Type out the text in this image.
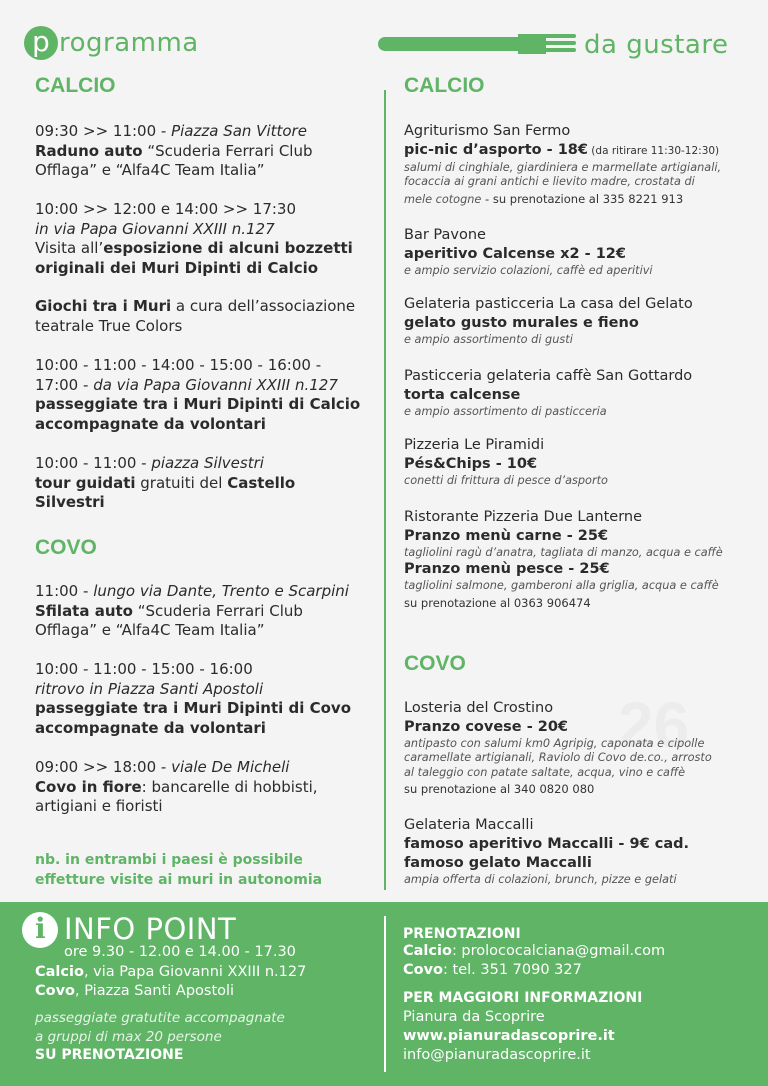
p rogramma	da gustare
CALCIO

09:30 >> 11:00 - Piazza San Vittore

Raduno auto “Scuderia Ferrari Club

Offlaga” e “Alfa4C Team Italia”

10:00 >> 12:00 e 14:00 >> 17:30

in via Papa Giovanni XXIII n.127

Visita all’esposizione di alcuni bozzetti

originali dei Muri Dipinti di Calcio

Giochi tra i Muri a cura dell’associazione

teatrale True Colors

10:00 - 11:00 - 14:00 - 15:00 - 16:00 -

17:00 - da via Papa Giovanni XXIII n.127

passeggiate tra i Muri Dipinti di Calcio

accompagnate da volontari

10:00 - 11:00 - piazza Silvestri

tour guidati gratuiti del Castello Silvestri

COVO

11:00 - lungo via Dante, Trento e Scarpini

Sfilata auto “Scuderia Ferrari Club

Offlaga” e “Alfa4C Team Italia”

10:00 - 11:00 - 15:00 - 16:00

ritrovo in Piazza Santi Apostoli

passeggiate tra i Muri Dipinti di Covo

accompagnate da volontari

09:00 >> 18:00 - viale De Micheli

Covo in fiore: bancarelle di hobbisti,

artigiani e fioristi

nb. in entrambi i paesi è possibile

effetture visite ai muri in autonomia

CALCIO

Agriturismo San Fermo

pic-nic d’asporto - 18€ (da ritirare 11:30-12:30)

salumi di cinghiale, giardiniera e marmellate artigianali,

focaccia ai grani antichi e lievito madre, crostata di

mele cotogne - su prenotazione al 335 8221 913

Bar Pavone

aperitivo Calcense x2 - 12€

e ampio servizio colazioni, caffè ed aperitivi

Gelateria pasticceria La casa del Gelato

gelato gusto murales e fieno

e ampio assortimento di gusti

Pasticceria gelateria caffè San Gottardo

torta calcense

e ampio assortimento di pasticceria

Pizzeria Le Piramidi

Pés&Chips - 10€

conetti di frittura di pesce d’asporto

Ristorante Pizzeria Due Lanterne

Pranzo menù carne - 25€

tagliolini ragù d’anatra, tagliata di manzo, acqua e caffè

Pranzo menù pesce - 25€

tagliolini salmone, gamberoni alla griglia, acqua e caffè

su prenotazione al 0363 906474

COVO
26

Losteria del Crostino

Pranzo covese - 20€

antipasto con salumi km0 Agripig, caponata e cipolle

caramellate artigianali, Raviolo di Covo de.co., arrosto

al taleggio con patate saltate, acqua, vino e caffè

su prenotazione al 340 0820 080

Gelateria Maccalli

famoso aperitivo Maccalli - 9€ cad.

famoso gelato Maccalli

ampia offerta di colazioni, brunch, pizze e gelati

i INFO POINT
ore 9.30 - 12.00 e 14.00 - 17.30
Calcio, via Papa Giovanni XXIII n.127
Covo, Piazza Santi Apostoli
passeggiate gratutite accompagnate
a gruppi di max 20 persone
SU PRENOTAZIONE
PRENOTAZIONI
Calcio: prolococalciana@gmail.com
Covo: tel. 351 7090 327
PER MAGGIORI INFORMAZIONI
Pianura da Scoprire
www.pianuradascoprire.it
info@pianuradascoprire.it
